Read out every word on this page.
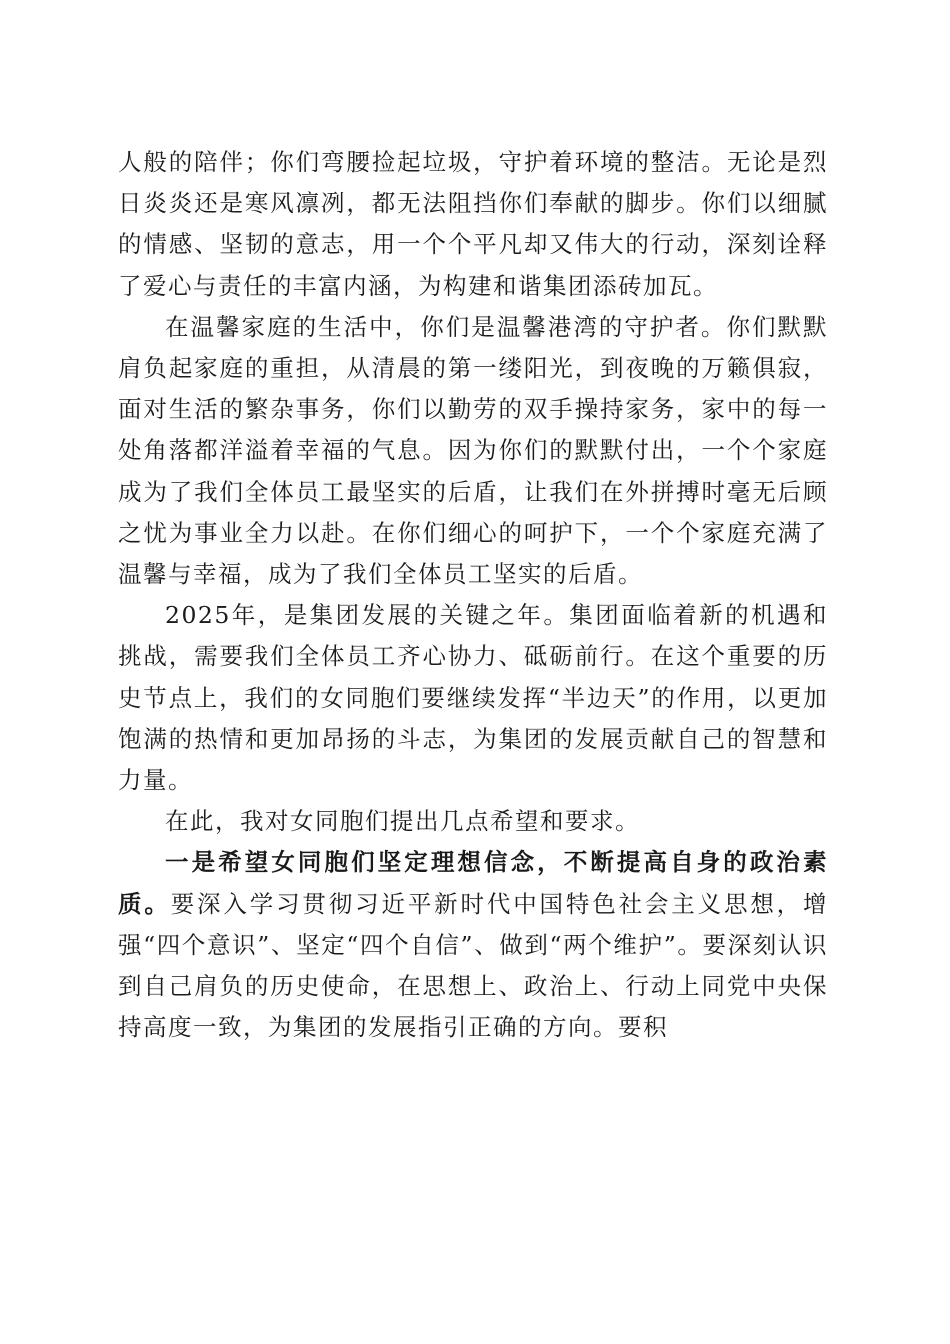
人般的陪伴；你们弯腰捡起垃圾，守护着环境的整洁。无论是烈日炎炎还是寒风凛冽，都无法阻挡你们奉献的脚步。你们以细腻的情感、坚韧的意志，用一个个平凡却又伟大的行动，深刻诠释了爱心与责任的丰富内涵，为构建和谐集团添砖加瓦。

在温馨家庭的生活中，你们是温馨港湾的守护者。你们默默肩负起家庭的重担，从清晨的第一缕阳光，到夜晚的万籁俱寂，面对生活的繁杂事务，你们以勤劳的双手操持家务，家中的每一处角落都洋溢着幸福的气息。因为你们的默默付出，一个个家庭成为了我们全体员工最坚实的后盾，让我们在外拼搏时毫无后顾之忧为事业全力以赴。在你们细心的呵护下，一个个家庭充满了温馨与幸福，成为了我们全体员工坚实的后盾。

2025年，是集团发展的关键之年。集团面临着新的机遇和挑战，需要我们全体员工齐心协力、砥砺前行。在这个重要的历史节点上，我们的女同胞们要继续发挥“半边天”的作用，以更加饱满的热情和更加昂扬的斗志，为集团的发展贡献自己的智慧和力量。

在此，我对女同胞们提出几点希望和要求。

一是希望女同胞们坚定理想信念，不断提高自身的政治素质。要深入学习贯彻习近平新时代中国特色社会主义思想，增强“四个意识”、坚定“四个自信”、做到“两个维护”。要深刻认识到自己肩负的历史使命，在思想上、政治上、行动上同党中央保持高度一致，为集团的发展指引正确的方向。要积
